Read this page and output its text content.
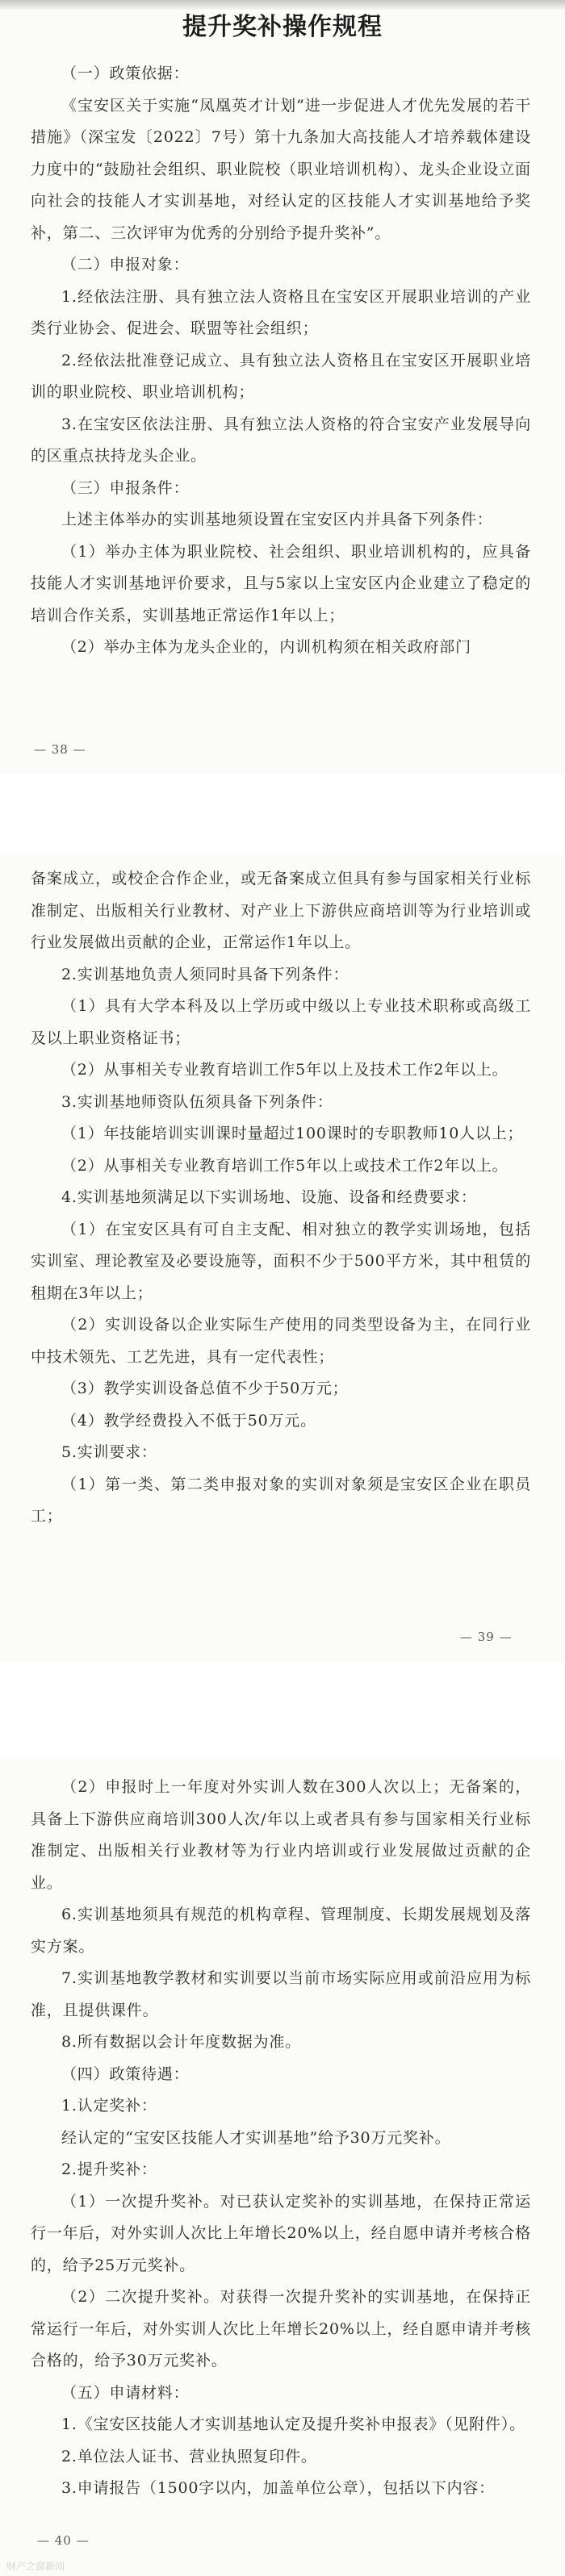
提升奖补操作规程

（一）政策依据：

《宝安区关于实施“凤凰英才计划”进一步促进人才优先发展的若干措施》（深宝发〔2022〕7号）第十九条加大高技能人才培养载体建设力度中的“鼓励社会组织、职业院校（职业培训机构）、龙头企业设立面向社会的技能人才实训基地，对经认定的区技能人才实训基地给予奖补，第二、三次评审为优秀的分别给予提升奖补”。

（二）申报对象：

1.经依法注册、具有独立法人资格且在宝安区开展职业培训的产业类行业协会、促进会、联盟等社会组织；

2.经依法批准登记成立、具有独立法人资格且在宝安区开展职业培训的职业院校、职业培训机构；

3.在宝安区依法注册、具有独立法人资格的符合宝安产业发展导向的区重点扶持龙头企业。

（三）申报条件：

上述主体举办的实训基地须设置在宝安区内并具备下列条件：

（1）举办主体为职业院校、社会组织、职业培训机构的，应具备技能人才实训基地评价要求，且与5家以上宝安区内企业建立了稳定的培训合作关系，实训基地正常运作1年以上；

（2）举办主体为龙头企业的，内训机构须在相关政府部门

— 38 —

备案成立，或校企合作企业，或无备案成立但具有参与国家相关行业标准制定、出版相关行业教材、对产业上下游供应商培训等为行业培训或行业发展做出贡献的企业，正常运作1年以上。

2.实训基地负责人须同时具备下列条件：

（1）具有大学本科及以上学历或中级以上专业技术职称或高级工及以上职业资格证书；

（2）从事相关专业教育培训工作5年以上及技术工作2年以上。

3.实训基地师资队伍须具备下列条件：

（1）年技能培训实训课时量超过100课时的专职教师10人以上；

（2）从事相关专业教育培训工作5年以上或技术工作2年以上。

4.实训基地须满足以下实训场地、设施、设备和经费要求：

（1）在宝安区具有可自主支配、相对独立的教学实训场地，包括实训室、理论教室及必要设施等，面积不少于500平方米，其中租赁的租期在3年以上；

（2）实训设备以企业实际生产使用的同类型设备为主，在同行业中技术领先、工艺先进，具有一定代表性；

（3）教学实训设备总值不少于50万元；

（4）教学经费投入不低于50万元。

5.实训要求：

（1）第一类、第二类申报对象的实训对象须是宝安区企业在职员工；

— 39 —

（2）申报时上一年度对外实训人数在300人次以上；无备案的，具备上下游供应商培训300人次/年以上或者具有参与国家相关行业标准制定、出版相关行业教材等为行业内培训或行业发展做过贡献的企业。

6.实训基地须具有规范的机构章程、管理制度、长期发展规划及落实方案。

7.实训基地教学教材和实训要以当前市场实际应用或前沿应用为标准，且提供课件。

8.所有数据以会计年度数据为准。

（四）政策待遇：

1.认定奖补：

经认定的“宝安区技能人才实训基地”给予30万元奖补。

2.提升奖补：

（1）一次提升奖补。对已获认定奖补的实训基地，在保持正常运行一年后，对外实训人次比上年增长20%以上，经自愿申请并考核合格的，给予25万元奖补。

（2）二次提升奖补。对获得一次提升奖补的实训基地，在保持正常运行一年后，对外实训人次比上年增长20%以上，经自愿申请并考核合格的，给予30万元奖补。

（五）申请材料：

1.《宝安区技能人才实训基地认定及提升奖补申报表》（见附件）。

2.单位法人证书、营业执照复印件。

3.申请报告（1500字以内，加盖单位公章），包括以下内容：

— 40 —
财产之窗新闻
